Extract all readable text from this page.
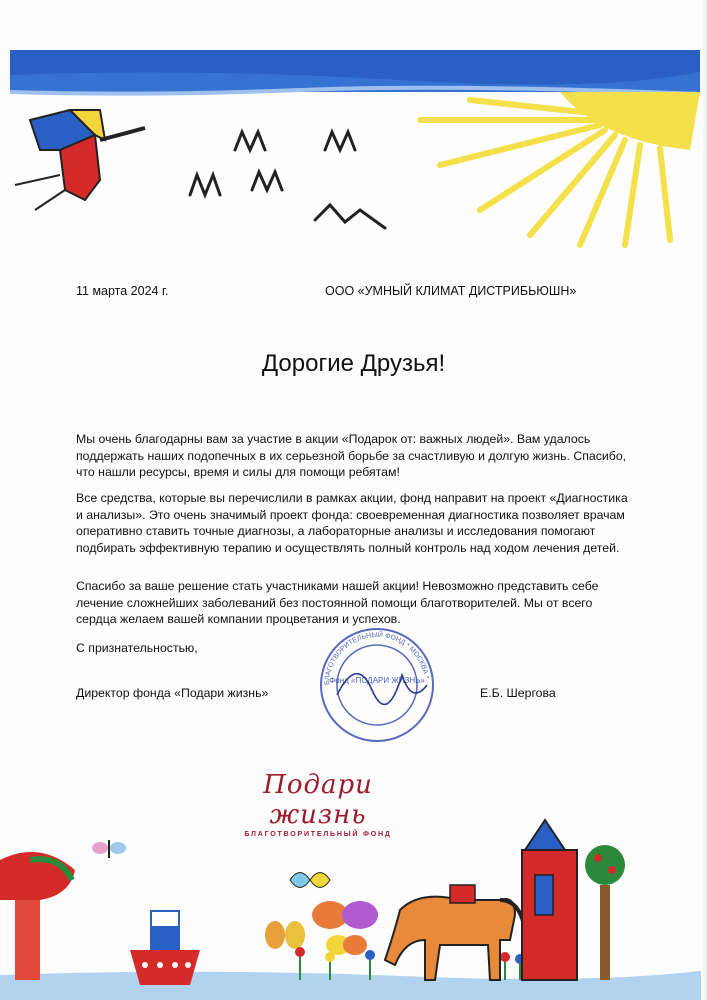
11 марта 2024 г.	ООО «УМНЫЙ КЛИМАТ ДИСТРИБЬЮШН»
Дорогие Друзья!
Мы очень благодарны вам за участие в акции «Подарок от: важных людей». Вам удалось поддержать наших подопечных в их серьезной борьбе за счастливую и долгую жизнь. Спасибо, что нашли ресурсы, время и силы для помощи ребятам!
Все средства, которые вы перечислили в рамках акции, фонд направит на проект «Диагностика и анализы». Это очень значимый проект фонда: своевременная диагностика позволяет врачам оперативно ставить точные диагнозы, а лабораторные анализы и исследования помогают подбирать эффективную терапию и осуществлять полный контроль над ходом лечения детей.
Спасибо за ваше решение стать участниками нашей акции! Невозможно представить себе лечение сложнейших заболеваний без постоянной помощи благотворителей. Мы от всего сердца желаем вашей компании процветания и успехов.
С признательностью,
Директор фонда «Подари жизнь»	Е.Б. Шергова
БЛАГОТВОРИТЕЛЬНЫЙ ФОНД * МОСКВА *
Фонд «ПОДАРИ ЖИЗНЬ»
Подари жизнь
БЛАГОТВОРИТЕЛЬНЫЙ ФОНД
